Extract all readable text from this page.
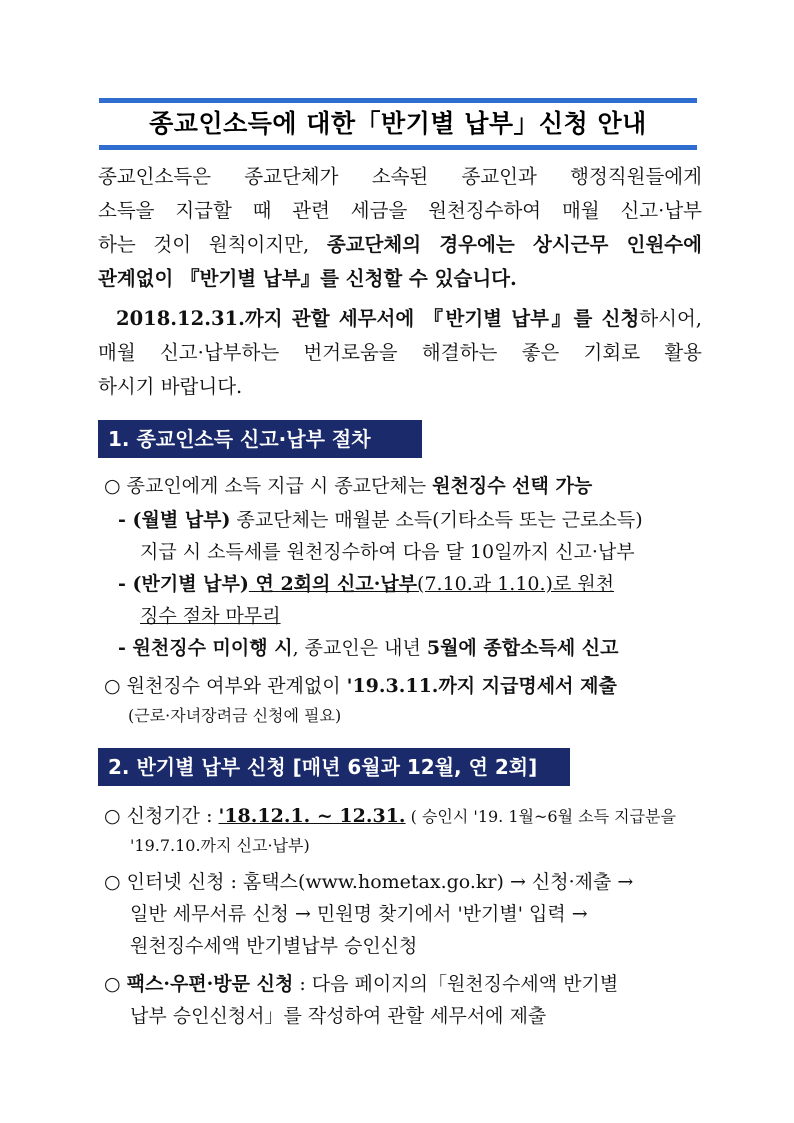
종교인소득에 대한「반기별 납부」신청 안내
종교인소득은 종교단체가 소속된 종교인과 행정직원들에게
소득을 지급할 때 관련 세금을 원천징수하여 매월 신고·납부
하는 것이 원칙이지만, 종교단체의 경우에는 상시근무 인원수에
관계없이 『반기별 납부』를 신청할 수 있습니다.
2018.12.31.까지 관할 세무서에 『반기별 납부』를 신청하시어,
매월 신고·납부하는 번거로움을 해결하는 좋은 기회로 활용
하시기 바랍니다.
1. 종교인소득 신고·납부 절차
○ 종교인에게 소득 지급 시 종교단체는 원천징수 선택 가능
- (월별 납부) 종교단체는 매월분 소득(기타소득 또는 근로소득)
지급 시 소득세를 원천징수하여 다음 달 10일까지 신고·납부
- (반기별 납부) 연 2회의 신고·납부(7.10.과 1.10.)로 원천
징수 절차 마무리
- 원천징수 미이행 시, 종교인은 내년 5월에 종합소득세 신고
○ 원천징수 여부와 관계없이 '19.3.11.까지 지급명세서 제출
(근로·자녀장려금 신청에 필요)
2. 반기별 납부 신청 [매년 6월과 12월, 연 2회]
○ 신청기간 : '18.12.1. ~ 12.31. ( 승인시 '19. 1월~6월 소득 지급분을
'19.7.10.까지 신고·납부)
○ 인터넷 신청 : 홈택스(www.hometax.go.kr) → 신청·제출 →
일반 세무서류 신청 → 민원명 찾기에서 '반기별' 입력 →
원천징수세액 반기별납부 승인신청
○ 팩스·우편·방문 신청 : 다음 페이지의「원천징수세액 반기별
납부 승인신청서」를 작성하여 관할 세무서에 제출
